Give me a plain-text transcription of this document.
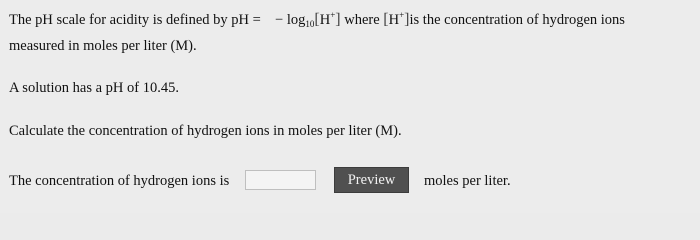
The pH scale for acidity is defined by pH = − $\log_{10}[H^+]$ where [H+]is the concentration of hydrogen ions
measured in moles per liter (M).
A solution has a pH of 10.45.
Calculate the concentration of hydrogen ions in moles per liter (M).
The concentration of hydrogen ions is	Preview	moles per liter.
